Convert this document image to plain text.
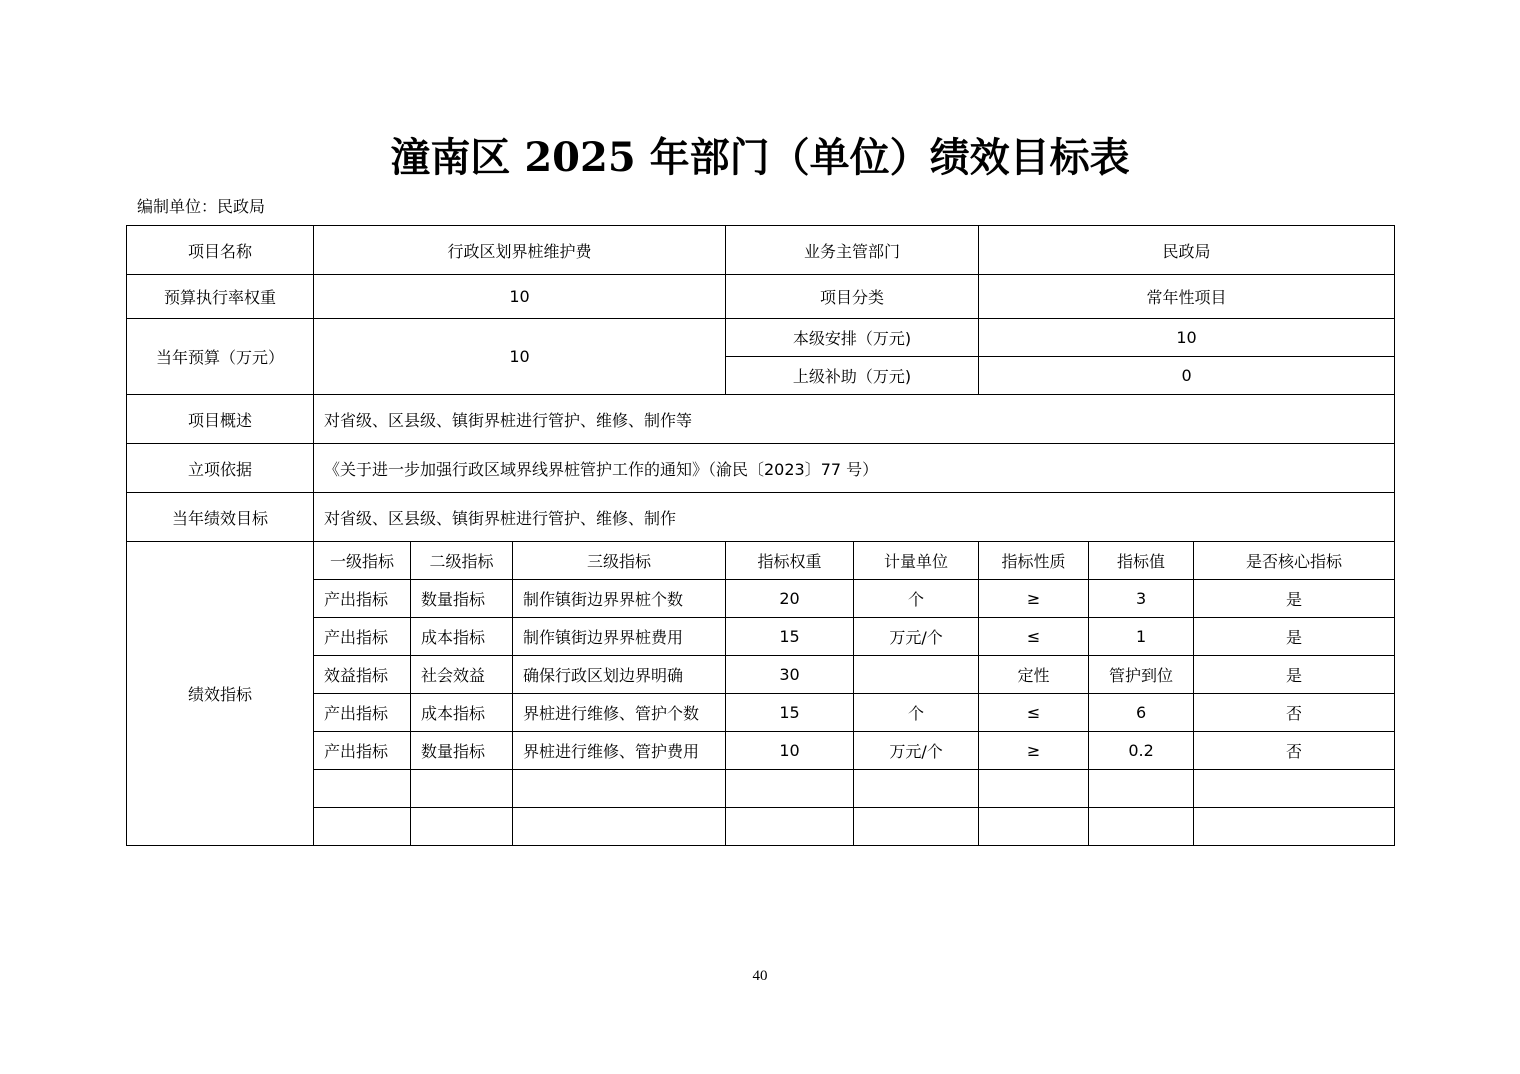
潼南区 2025 年部门（单位）绩效目标表
编制单位：民政局
项目名称	行政区划界桩维护费			业务主管部门		民政局		
预算执行率权重	10			项目分类		常年性项目		
当年预算（万元）	10			本级安排（万元)		10		
				上级补助（万元)		0		
项目概述	对省级、区县级、镇街界桩进行管护、维修、制作等							
立项依据	《关于进一步加强行政区域界线界桩管护工作的通知》（渝民〔2023〕77 号）							
当年绩效目标	对省级、区县级、镇街界桩进行管护、维修、制作							
绩效指标	一级指标	二级指标	三级指标	指标权重	计量单位	指标性质	指标值	是否核心指标
	产出指标	数量指标	制作镇街边界界桩个数	20	个	≥	3	是
	产出指标	成本指标	制作镇街边界界桩费用	15	万元/个	≤	1	是
	效益指标	社会效益	确保行政区划边界明确	30		定性	管护到位	是
	产出指标	成本指标	界桩进行维修、管护个数	15	个	≤	6	否
	产出指标	数量指标	界桩进行维修、管护费用	10	万元/个	≥	0.2	否

40
